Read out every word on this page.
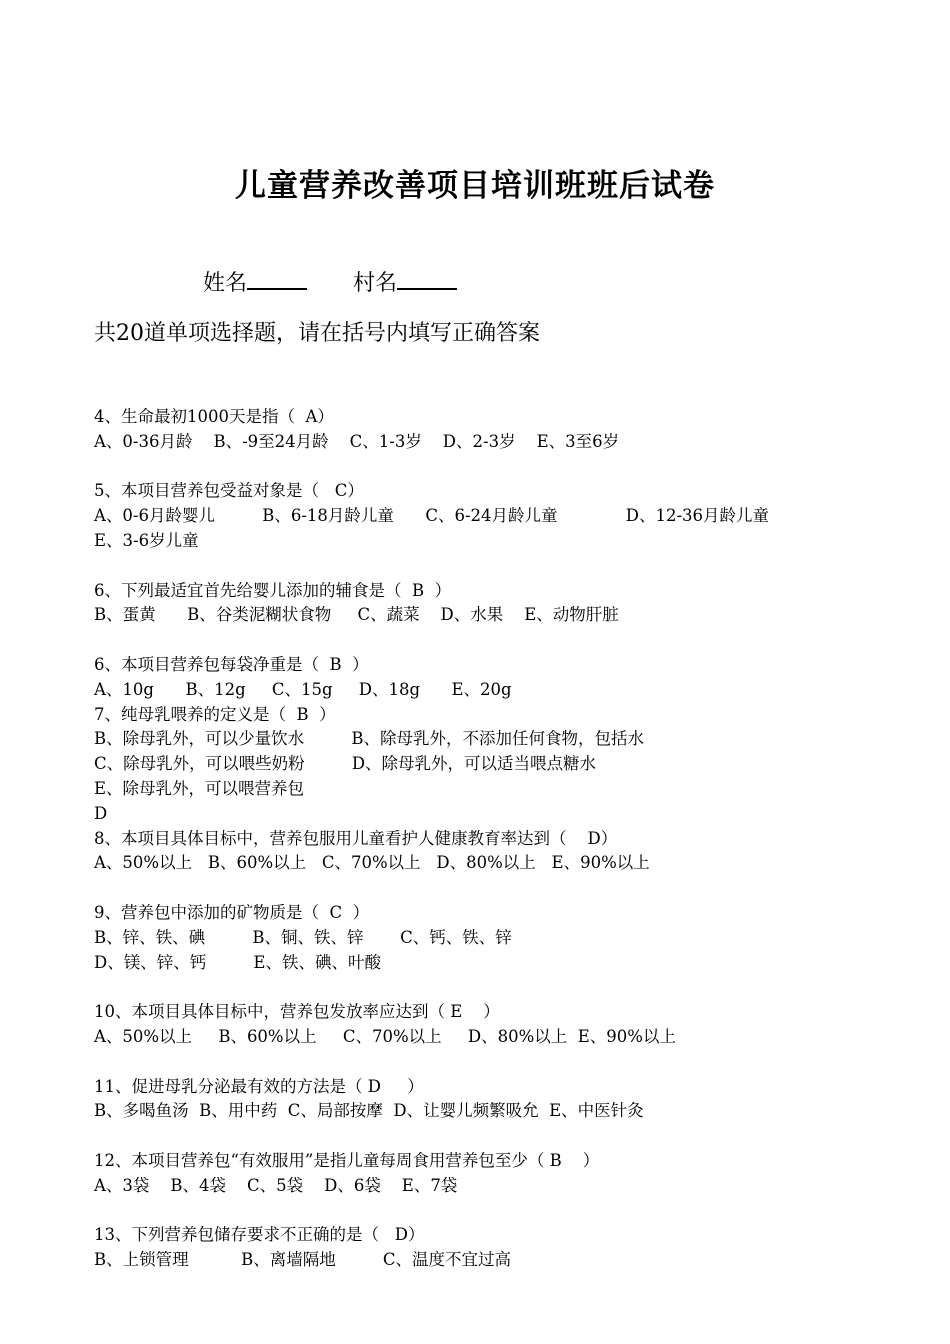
儿童营养改善项目培训班班后试卷
姓名	村名
共20道单项选择题，请在括号内填写正确答案
4、生命最初1000天是指（  A）
A、0-36月龄    B、-9至24月龄    C、1-3岁    D、2-3岁    E、3至6岁
5、本项目营养包受益对象是（   C）
A、0-6月龄婴儿         B、6-18月龄儿童      C、6-24月龄儿童             D、12-36月龄儿童
E、3-6岁儿童
6、下列最适宜首先给婴儿添加的辅食是（  B  ）
B、蛋黄      B、谷类泥糊状食物     C、蔬菜    D、水果    E、动物肝脏
6、本项目营养包每袋净重是（  B  ）
A、10g      B、12g     C、15g     D、18g      E、20g
7、纯母乳喂养的定义是（  B  ）
B、除母乳外，可以少量饮水         B、除母乳外，不添加任何食物，包括水
C、除母乳外，可以喂些奶粉         D、除母乳外，可以适当喂点糖水
E、除母乳外，可以喂营养包
D
8、本项目具体目标中，营养包服用儿童看护人健康教育率达到（    D）
A、50%以上   B、60%以上   C、70%以上   D、80%以上   E、90%以上
9、营养包中添加的矿物质是（  C  ）
B、锌、铁、碘         B、铜、铁、锌       C、钙、铁、锌
D、镁、锌、钙         E、铁、碘、叶酸
10、本项目具体目标中，营养包发放率应达到（ E    ）
A、50%以上     B、60%以上     C、70%以上     D、80%以上  E、90%以上
11、促进母乳分泌最有效的方法是（ D     ）
B、多喝鱼汤  B、用中药  C、局部按摩  D、让婴儿频繁吸允  E、中医针灸
12、本项目营养包“有效服用”是指儿童每周食用营养包至少（ B    ）
A、3袋    B、4袋    C、5袋    D、6袋    E、7袋
13、下列营养包储存要求不正确的是（   D）
B、上锁管理          B、离墙隔地         C、温度不宜过高
